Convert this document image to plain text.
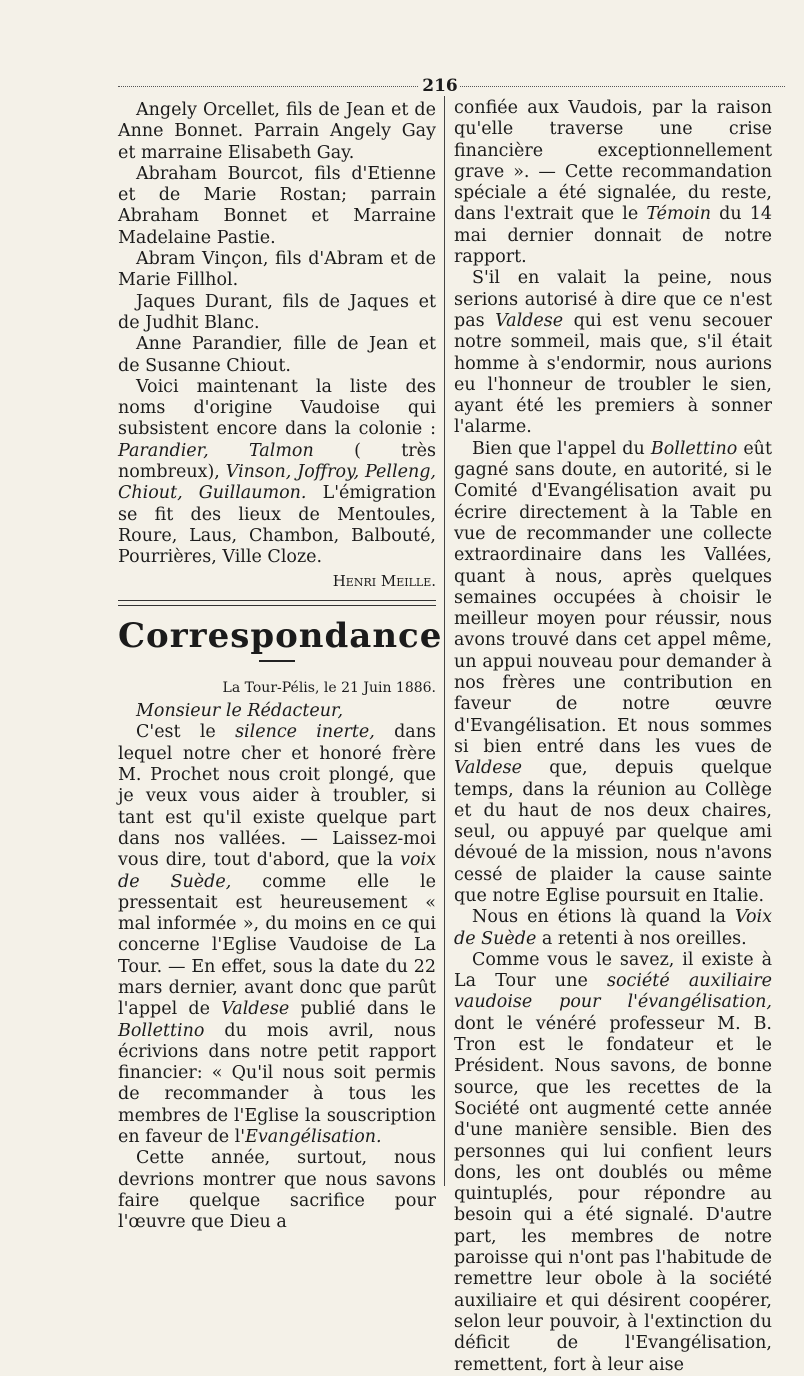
216

Angely Orcellet, fils de Jean et de Anne Bonnet. Parrain Angely Gay et marraine Elisabeth Gay.

Abraham Bourcot, fils d'Etienne et de Marie Rostan; parrain Abraham Bonnet et Marraine Madelaine Pastie.

Abram Vinçon, fils d'Abram et de Marie Fillhol.

Jaques Durant, fils de Jaques et de Judhit Blanc.

Anne Parandier, fille de Jean et de Susanne Chiout.

Voici maintenant la liste des noms d'origine Vaudoise qui subsistent encore dans la colonie : Parandier, Talmon ( très nombreux), Vinson, Joffroy, Pelleng, Chiout, Guillaumon. L'émigration se fit des lieux de Mentoules, Roure, Laus, Chambon, Balbouté, Pourrières, Ville Cloze.

Henri Meille.
Correspondance
La Tour-Pélis, le 21 Juin 1886.

Monsieur le Rédacteur,

C'est le silence inerte, dans lequel notre cher et honoré frère M. Prochet nous croit plongé, que je veux vous aider à troubler, si tant est qu'il existe quelque part dans nos vallées. — Laissez-moi vous dire, tout d'abord, que la voix de Suède, comme elle le pressentait est heureusement « mal informée », du moins en ce qui concerne l'Eglise Vaudoise de La Tour. — En effet, sous la date du 22 mars dernier, avant donc que parût l'appel de Valdese publié dans le Bollettino du mois avril, nous écrivions dans notre petit rapport financier: « Qu'il nous soit permis de recommander à tous les membres de l'Eglise la souscription en faveur de l'Evangélisation.

Cette année, surtout, nous devrions montrer que nous savons faire quelque sacrifice pour l'œuvre que Dieu a

confiée aux Vaudois, par la raison qu'elle traverse une crise financière exceptionnellement grave ». — Cette recommandation spéciale a été signalée, du reste, dans l'extrait que le Témoin du 14 mai dernier donnait de notre rapport.

S'il en valait la peine, nous serions autorisé à dire que ce n'est pas Valdese qui est venu secouer notre sommeil, mais que, s'il était homme à s'endormir, nous aurions eu l'honneur de troubler le sien, ayant été les premiers à sonner l'alarme.

Bien que l'appel du Bollettino eût gagné sans doute, en autorité, si le Comité d'Evangélisation avait pu écrire directement à la Table en vue de recommander une collecte extraordinaire dans les Vallées, quant à nous, après quelques semaines occupées à choisir le meilleur moyen pour réussir, nous avons trouvé dans cet appel même, un appui nouveau pour demander à nos frères une contribution en faveur de notre œuvre d'Evangélisation. Et nous sommes si bien entré dans les vues de Valdese que, depuis quelque temps, dans la réunion au Collège et du haut de nos deux chaires, seul, ou appuyé par quelque ami dévoué de la mission, nous n'avons cessé de plaider la cause sainte que notre Eglise poursuit en Italie.

Nous en étions là quand la Voix de Suède a retenti à nos oreilles.

Comme vous le savez, il existe à La Tour une société auxiliaire vaudoise pour l'évangélisation, dont le vénéré professeur M. B. Tron est le fondateur et le Président. Nous savons, de bonne source, que les recettes de la Société ont augmenté cette année d'une manière sensible. Bien des personnes qui lui confient leurs dons, les ont doublés ou même quintuplés, pour répondre au besoin qui a été signalé. D'autre part, les membres de notre paroisse qui n'ont pas l'habitude de remettre leur obole à la société auxiliaire et qui désirent coopérer, selon leur pouvoir, à l'extinction du déficit de l'Evangélisation, remettent, fort à leur aise
